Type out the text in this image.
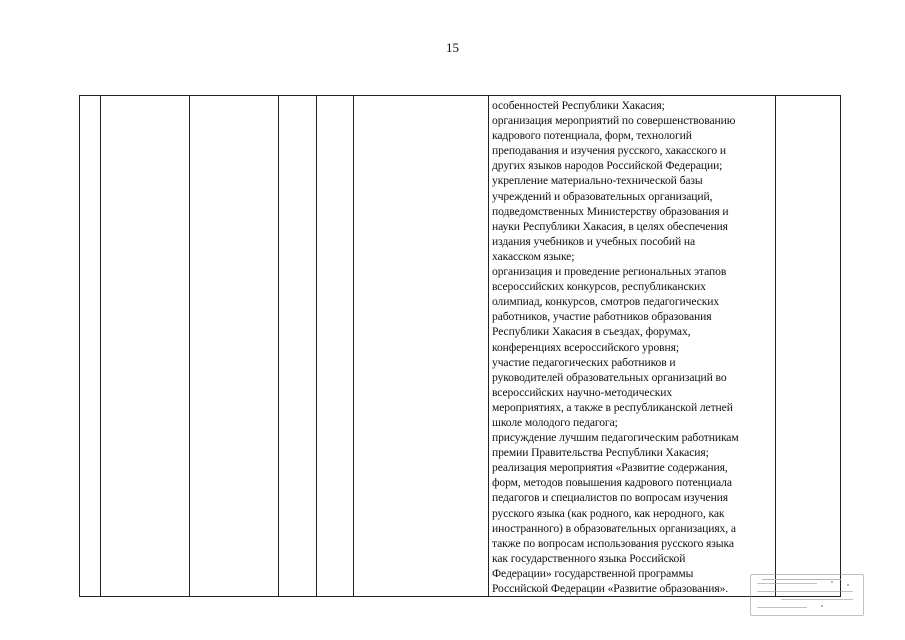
15

особенностей Республики Хакасия;
организация мероприятий по совершенствованию
кадрового потенциала, форм, технологий
преподавания и изучения русского, хакасского и
других языков народов Российской Федерации;
укрепление материально-технической базы
учреждений и образовательных организаций,
подведомственных Министерству образования и
науки Республики Хакасия, в целях обеспечения
издания учебников и учебных пособий на
хакасском языке;
организация и проведение региональных этапов
всероссийских конкурсов, республиканских
олимпиад, конкурсов, смотров педагогических
работников, участие работников образования
Республики Хакасия в съездах, форумах,
конференциях всероссийского уровня;
участие педагогических работников и
руководителей образовательных организаций во
всероссийских научно-методических
мероприятиях, а также в республиканской летней
школе молодого педагога;
присуждение лучшим педагогическим работникам
премии Правительства Республики Хакасия;
реализация мероприятия «Развитие содержания,
форм, методов повышения кадрового потенциала
педагогов и специалистов по вопросам изучения
русского языка (как родного, как неродного, как
иностранного) в образовательных организациях, а
также по вопросам использования русского языка
как государственного языка Российской
Федерации» государственной программы
Российской Федерации «Развитие образования».
